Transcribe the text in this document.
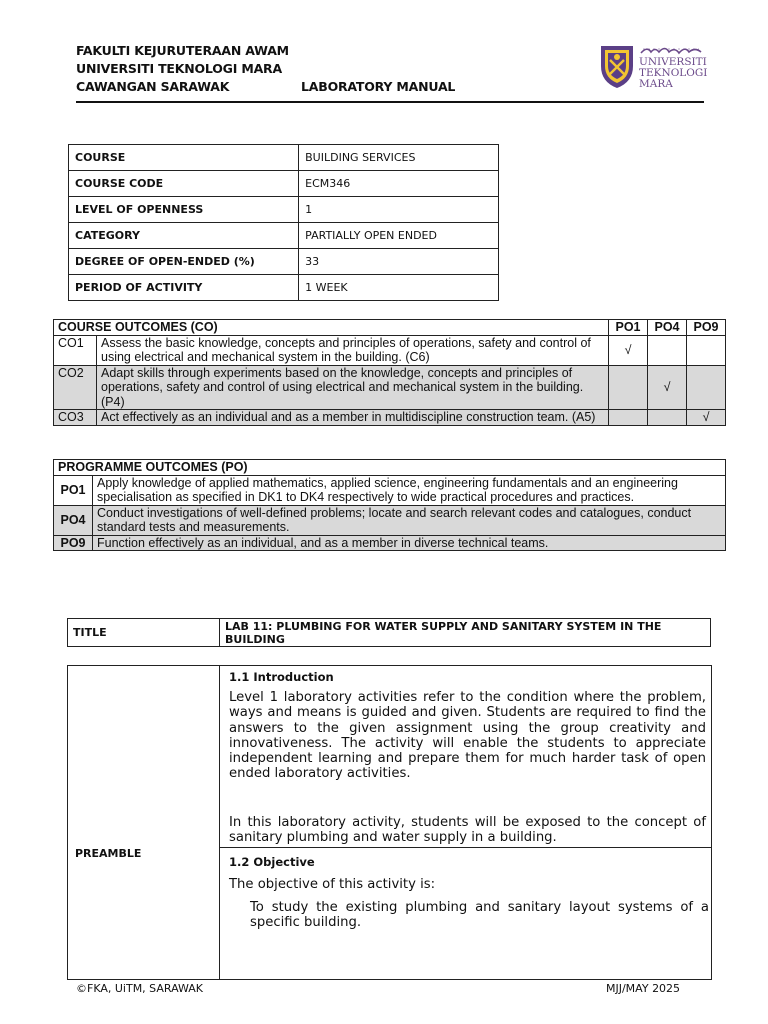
FAKULTI KEJURUTERAAN AWAM
UNIVERSITI TEKNOLOGI MARA
CAWANGAN SARAWAK	LABORATORY MANUAL
UNIVERSITI
TEKNOLOGI
MARA
COURSE	BUILDING SERVICES
COURSE CODE	ECM346
LEVEL OF OPENNESS	1
CATEGORY	PARTIALLY OPEN ENDED
DEGREE OF OPEN-ENDED (%)	33
PERIOD OF ACTIVITY	1 WEEK
COURSE OUTCOMES (CO)		PO1	PO4	PO9
CO1	Assess the basic knowledge, concepts and principles of operations, safety and control of using electrical and mechanical system in the building. (C6)	√		
CO2	Adapt skills through experiments based on the knowledge, concepts and principles of operations, safety and control of using electrical and mechanical system in the building. (P4)		√	
CO3	Act effectively as an individual and as a member in multidiscipline construction team. (A5)			√
PROGRAMME OUTCOMES (PO)	
PO1	Apply knowledge of applied mathematics, applied science, engineering fundamentals and an engineering specialisation as specified in DK1 to DK4 respectively to wide practical procedures and practices.
PO4	Conduct investigations of well-defined problems; locate and search relevant codes and catalogues, conduct standard tests and measurements.
PO9	Function effectively as an individual, and as a member in diverse technical teams.
TITLE	LAB 11: PLUMBING FOR WATER SUPPLY AND SANITARY SYSTEM IN THE BUILDING
PREAMBLE
1.1 Introduction
Level 1 laboratory activities refer to the condition where the problem, ways and means is guided and given. Students are required to find the answers to the given assignment using the group creativity and innovativeness. The activity will enable the students to appreciate independent learning and prepare them for much harder task of open ended laboratory activities.
In this laboratory activity, students will be exposed to the concept of sanitary plumbing and water supply in a building.
1.2 Objective
The objective of this activity is:
To study the existing plumbing and sanitary layout systems of a specific building.
©FKA, UiTM, SARAWAK	MJJ/MAY 2025
